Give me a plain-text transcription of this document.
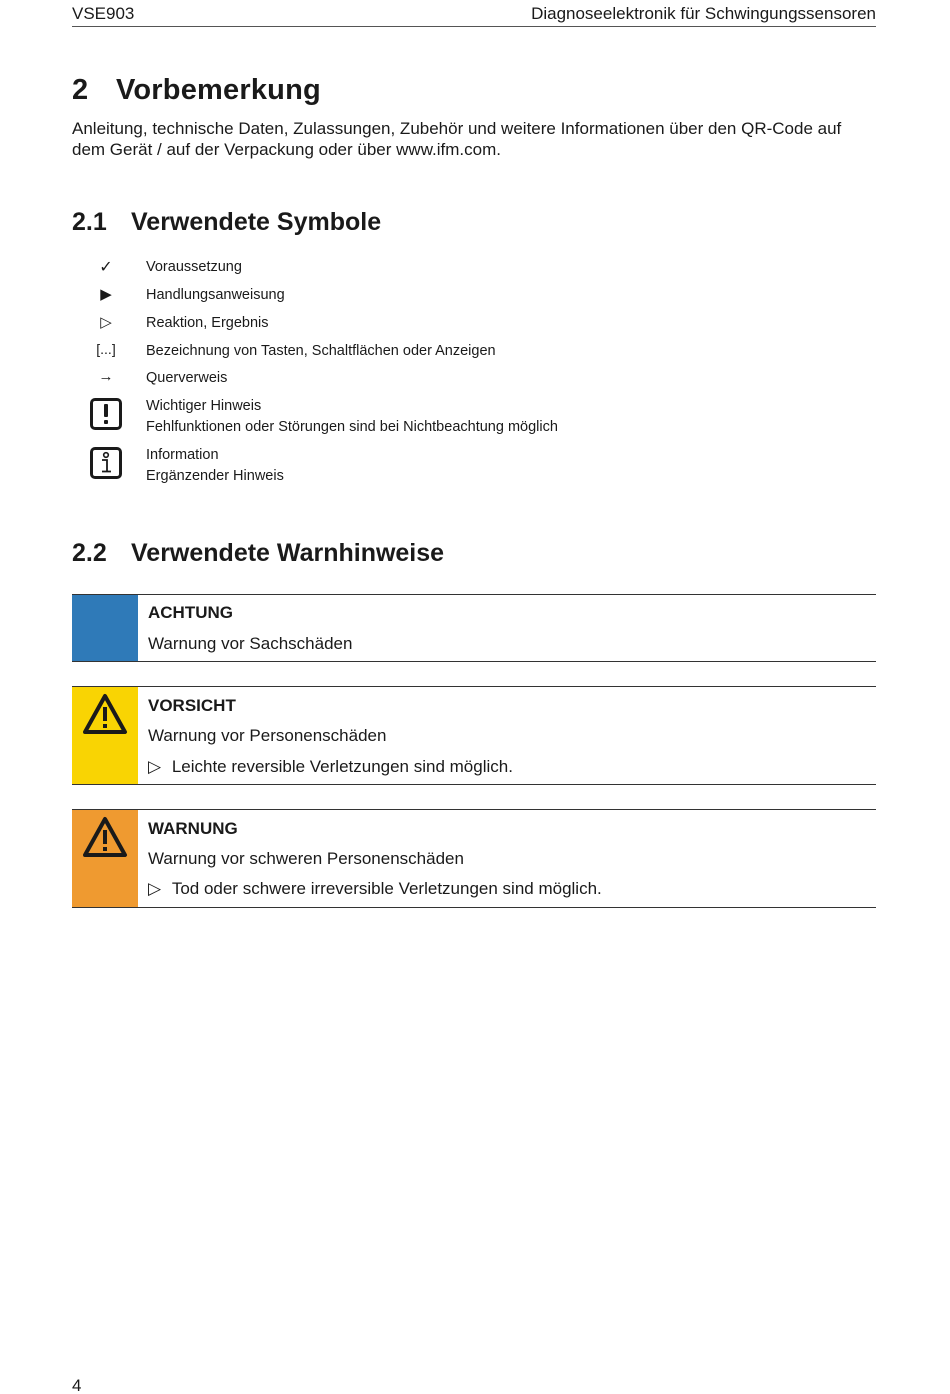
VSE903	Diagnoseelektronik für Schwingungssensoren
2 Vorbemerkung
Anleitung, technische Daten, Zulassungen, Zubehör und weitere Informationen über den QR-Code auf
dem Gerät / auf der Verpackung oder über www.ifm.com.
2.1 Verwendete Symbole
✓	Voraussetzung
▶	Handlungsanweisung
▷	Reaktion, Ergebnis
[...]	Bezeichnung von Tasten, Schaltflächen oder Anzeigen
→	Querverweis
Wichtiger Hinweis
Fehlfunktionen oder Störungen sind bei Nichtbeachtung möglich
Information
Ergänzender Hinweis
2.2 Verwendete Warnhinweise
ACHTUNG
Warnung vor Sachschäden
VORSICHT
Warnung vor Personenschäden
▷ Leichte reversible Verletzungen sind möglich.
WARNUNG
Warnung vor schweren Personenschäden
▷ Tod oder schwere irreversible Verletzungen sind möglich.
4
